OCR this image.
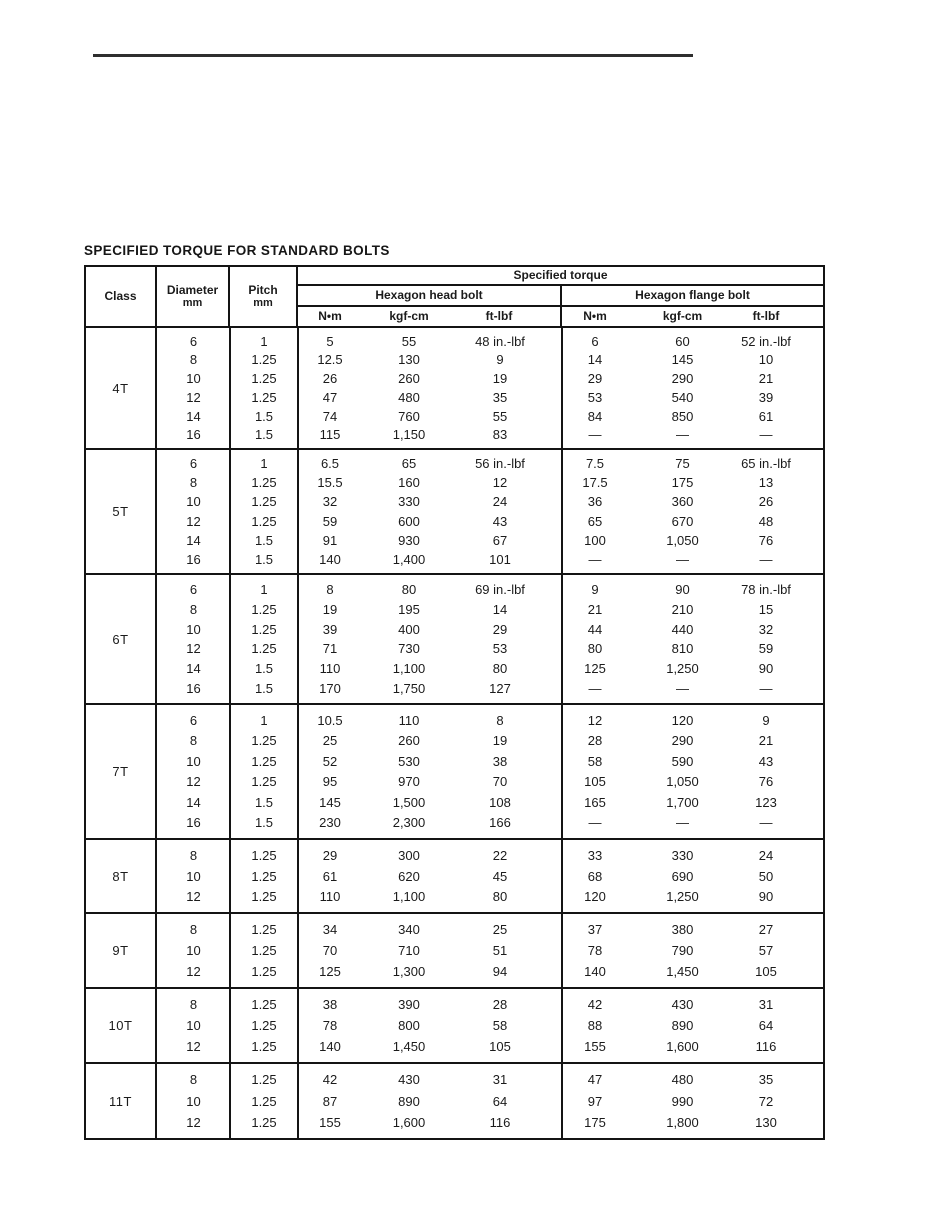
SPECIFIED TORQUE FOR STANDARD BOLTS
Class	Diameter
mm
Pitch
mm
Specified torque
Hexagon head bolt	Hexagon flange bolt
N•m	kgf-cm	ft-lbf	N•m	kgf-cm	ft-lbf
4T
6	1	5	55	48 in.-lbf	6	60	52 in.-lbf
8	1.25	12.5	130	9	14	145	10
10	1.25	26	260	19	29	290	21
12	1.25	47	480	35	53	540	39
14	1.5	74	760	55	84	850	61
16	1.5	115	1,150	83	—	—	—
5T
6	1	6.5	65	56 in.-lbf	7.5	75	65 in.-lbf
8	1.25	15.5	160	12	17.5	175	13
10	1.25	32	330	24	36	360	26
12	1.25	59	600	43	65	670	48
14	1.5	91	930	67	100	1,050	76
16	1.5	140	1,400	101	—	—	—
6T
6	1	8	80	69 in.-lbf	9	90	78 in.-lbf
8	1.25	19	195	14	21	210	15
10	1.25	39	400	29	44	440	32
12	1.25	71	730	53	80	810	59
14	1.5	110	1,100	80	125	1,250	90
16	1.5	170	1,750	127	—	—	—
7T
6	1	10.5	110	8	12	120	9
8	1.25	25	260	19	28	290	21
10	1.25	52	530	38	58	590	43
12	1.25	95	970	70	105	1,050	76
14	1.5	145	1,500	108	165	1,700	123
16	1.5	230	2,300	166	—	—	—
8T
8	1.25	29	300	22	33	330	24
10	1.25	61	620	45	68	690	50
12	1.25	110	1,100	80	120	1,250	90
9T
8	1.25	34	340	25	37	380	27
10	1.25	70	710	51	78	790	57
12	1.25	125	1,300	94	140	1,450	105
10T
8	1.25	38	390	28	42	430	31
10	1.25	78	800	58	88	890	64
12	1.25	140	1,450	105	155	1,600	116
11T
8	1.25	42	430	31	47	480	35
10	1.25	87	890	64	97	990	72
12	1.25	155	1,600	116	175	1,800	130
